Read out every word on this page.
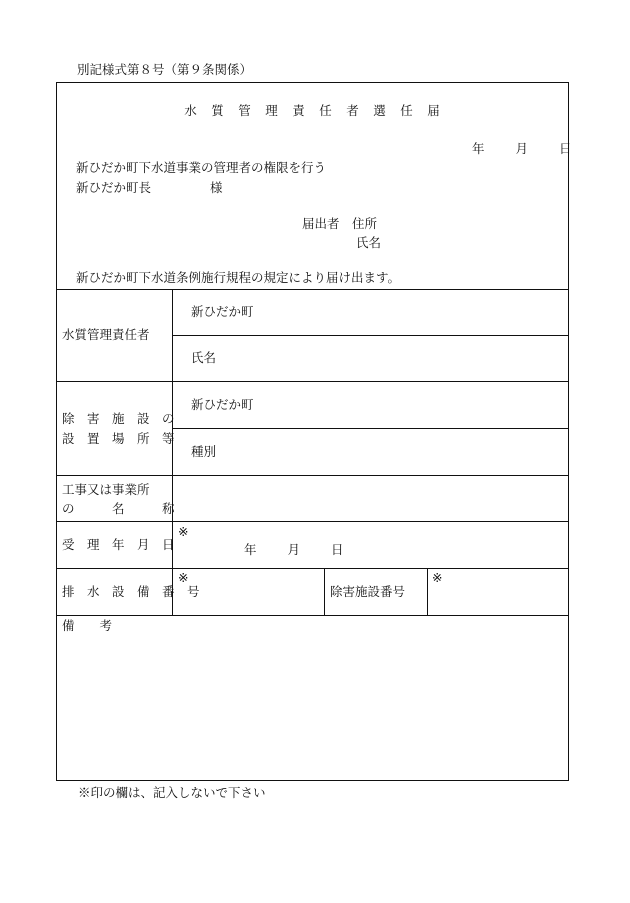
別記様式第８号（第９条関係）
水　質　管　理　責　任　者　選　任　届
年　　月　　日
新ひだか町下水道事業の管理者の権限を行う
新ひだか町長	様
届出者　住所
氏名
新ひだか町下水道条例施行規程の規定により届け出ます。
水質管理責任者
新ひだか町
氏名
除　害　施　設　の
設　置　場　所　等
新ひだか町
種別
工事又は事業所
の　　　名　　　称
受　理　年　月　日
※
年　　月　　日
排　水　設　備　番　号
※
除害施設番号
※
備　　考
※印の欄は、記入しないで下さい
